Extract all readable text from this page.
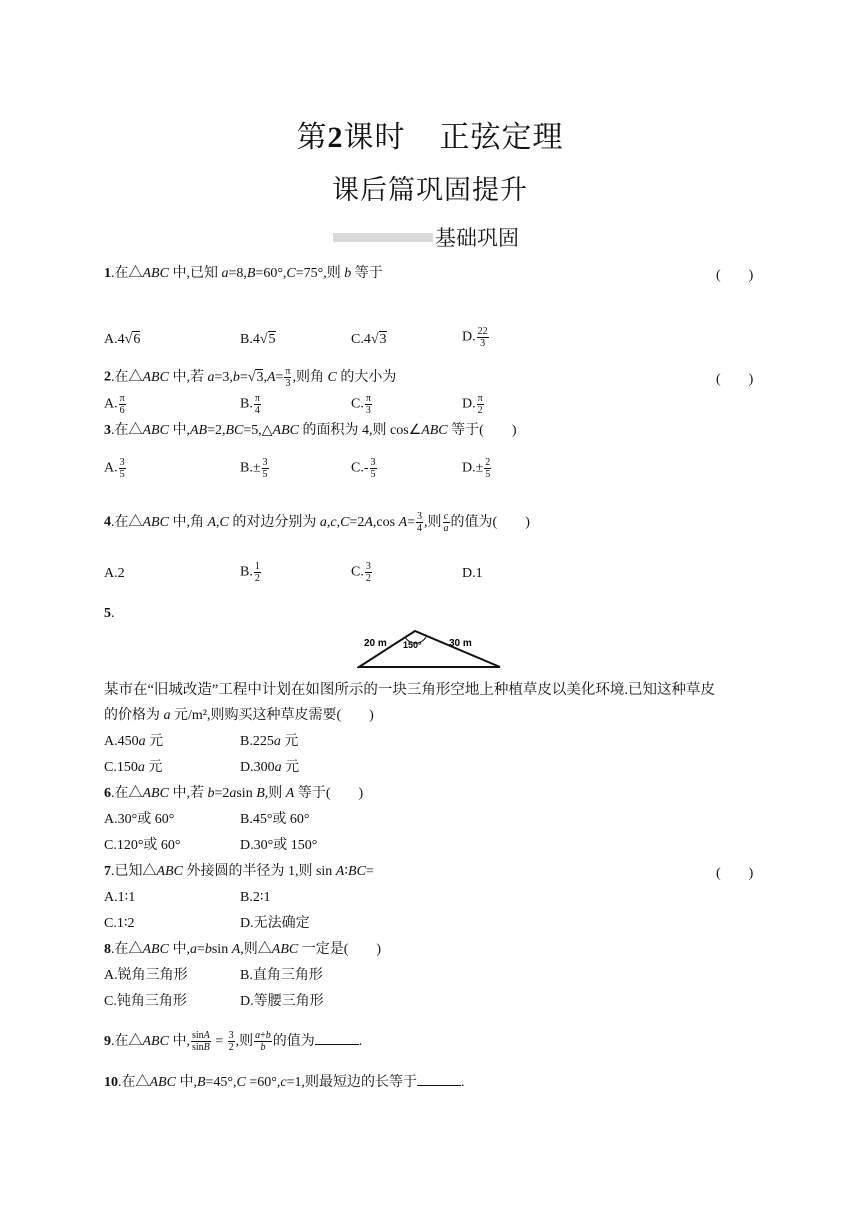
第2课时 正弦定理
课后篇巩固提升
基础巩固
1.在△ABC 中,已知 a=8,B=60°,C=75°,则 b 等于	(　　)
A.4√6	B.4√5	C.4√3	D. $\frac{22}{3}$
2.在△ABC 中,若 $a=3,b=√3,A= \frac{\pi}{3}$ ,则角 C 的大小为	(　　)
A. $\frac{\pi}{6}$	B. $\frac{\pi}{4}$	C. $\frac{\pi}{3}$	D. $\frac{\pi}{2}$
3.在△ABC 中,AB=2,BC=5,△ABC 的面积为 4,则 cos∠ABC 等于(　　)
A. $\frac{3}{5}$	$B.\pm \frac{3}{5}$	$C.- \frac{3}{5}$	$D.\pm \frac{2}{5}$
4.在△ABC 中,角 A,C 的对边分别为 a,c,C=2A,cos $A= \frac{3}{4}$ ,则 $\frac{c}{a}$ 的值为(　　)
A.2	B. $\frac{1}{2}$	C. $\frac{3}{2}$	D.1
5.
20 m 150°	30 m
某市在“旧城改造”工程中计划在如图所示的一块三角形空地上种植草皮以美化环境.已知这种草皮
的价格为 a 元/m²,则购买这种草皮需要(　　)
A.450a 元	B.225a 元
C.150a 元	D.300a 元
6.在△ABC 中,若 b=2asin B,则 A 等于(　　)
A.30°或 60°	B.45°或 60°
C.120°或 60°	D.30°或 150°
7.已知△ABC 外接圆的半径为 1,则 sin A∶BC=	(　　)
A.1∶1	B.2∶1
C.1∶2	D.无法确定
8.在△ABC 中,a=bsin A,则△ABC 一定是(　　)
A.锐角三角形	B.直角三角形
C.钝角三角形	D.等腰三角形
9.在△ABC 中, $\frac{\sin A}{\sin B} = \frac{3}{2}$ ,则 $\frac{a+b}{b}$ 的值为	.
10.在△ABC 中,B=45°,C =60°,c=1,则最短边的长等于	.
